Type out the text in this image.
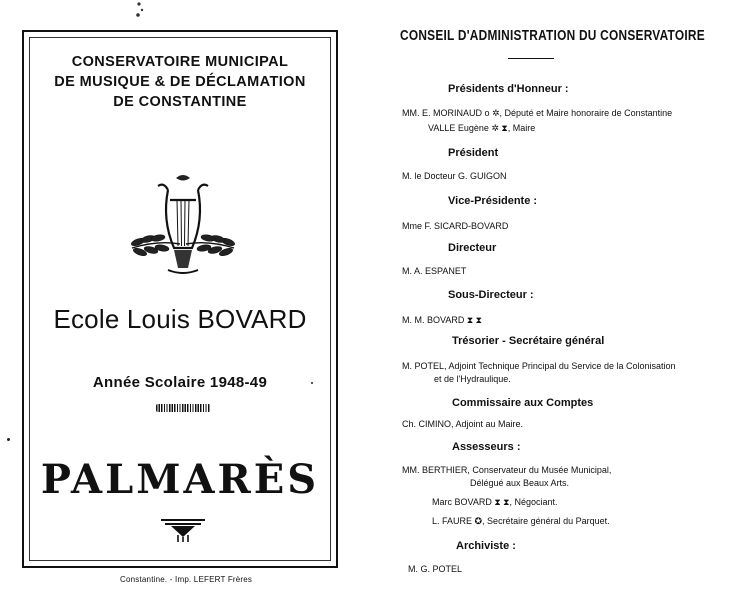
CONSERVATOIRE MUNICIPAL
DE MUSIQUE & DE DÉCLAMATION
DE CONSTANTINE
Ecole Louis BOVARD
Année Scolaire 1948-49
PALMARÈS
Constantine. - Imp. LEFERT Frères
CONSEIL D'ADMINISTRATION DU CONSERVATOIRE
Présidents d'Honneur :
MM. E. MORINAUD o ✲, Député et Maire honoraire de Constantine
VALLE Eugène ✲ ⧗, Maire
Président
M. le Docteur G. GUIGON
Vice-Présidente :
Mme F. SICARD-BOVARD
Directeur
M. A. ESPANET
Sous-Directeur :
M. M. BOVARD ⧗ ⧗
Trésorier - Secrétaire général
M. POTEL, Adjoint Technique Principal du Service de la Colonisation
et de l'Hydraulique.
Commissaire aux Comptes
Ch. CIMINO, Adjoint au Maire.
Assesseurs :
MM. BERTHIER, Conservateur du Musée Municipal,
Délégué aux Beaux Arts.
Marc BOVARD ⧗ ⧗, Négociant.
L. FAURE ✪, Secrétaire général du Parquet.
Archiviste :
M. G. POTEL
